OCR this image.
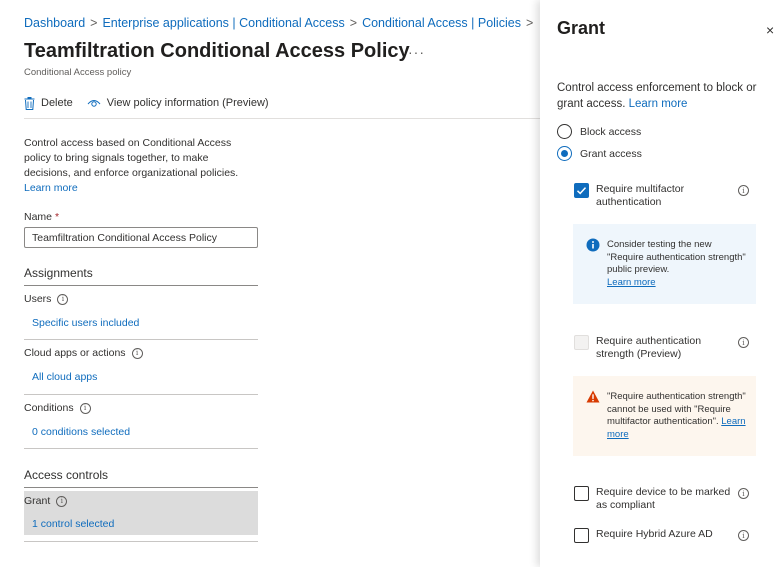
Dashboard > Enterprise applications | Conditional Access > Conditional Access | Policies >
Teamfiltration Conditional Access Policy
···
Conditional Access policy
Delete	View policy information (Preview)

Control access based on Conditional Access policy to bring signals together, to make decisions, and enforce organizational policies.
Learn more

Name *
Teamfiltration Conditional Access Policy
Assignments
Users	i
Specific users included
Cloud apps or actions	i
All cloud apps
Conditions	i
0 conditions selected
Access controls
Grant	i
1 control selected
Grant	×

Control access enforcement to block or grant access. Learn more

Block access
Grant access
Require multifactor authentication
i
Consider testing the new "Require authentication strength" public preview.
Learn more
Require authentication strength (Preview)
i
"Require authentication strength" cannot be used with "Require multifactor authentication". Learn more
Require device to be marked as compliant
i
Require Hybrid Azure AD	i
